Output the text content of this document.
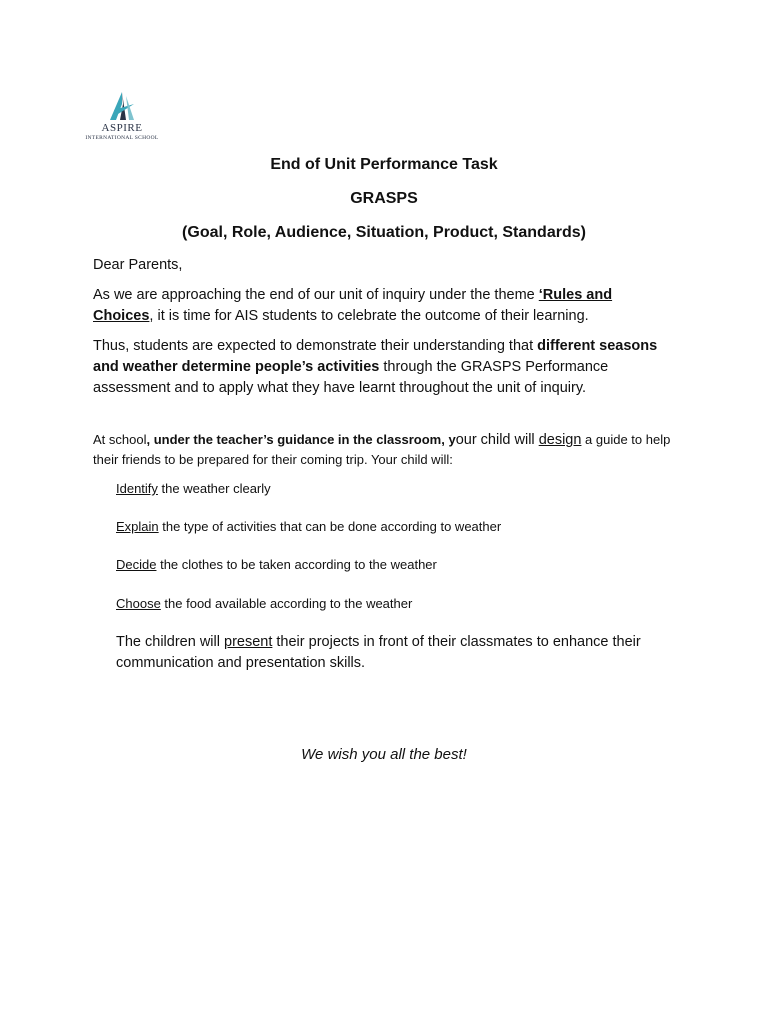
ASPIRE
INTERNATIONAL SCHOOL

End of Unit Performance Task

GRASPS

(Goal, Role, Audience, Situation, Product, Standards)

Dear Parents,

As we are approaching the end of our unit of inquiry under the theme ‘Rules and Choices, it is time for AIS students to celebrate the outcome of their learning.

Thus, students are expected to demonstrate their understanding that different seasons and weather determine people’s activities through the GRASPS Performance assessment and to apply what they have learnt throughout the unit of inquiry.

At school, under the teacher’s guidance in the classroom, your child will design a guide to help their friends to be prepared for their coming trip. Your child will:

Identify the weather clearly

Explain the type of activities that can be done according to weather

Decide the clothes to be taken according to the weather

Choose the food available according to the weather

The children will present their projects in front of their classmates to enhance their communication and presentation skills.

We wish you all the best!
